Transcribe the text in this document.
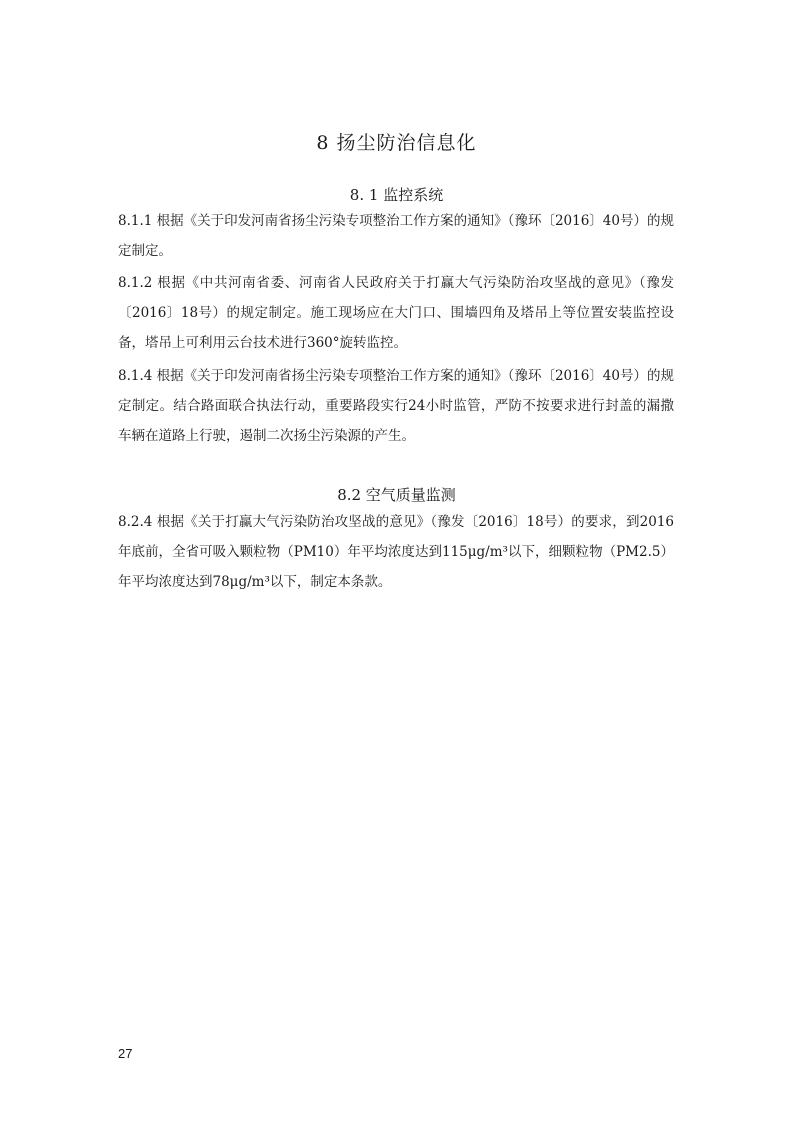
8 扬尘防治信息化
8. 1 监控系统

8.1.1 根据《关于印发河南省扬尘污染专项整治工作方案的通知》（豫环〔2016〕40号）的规定制定。

8.1.2 根据《中共河南省委、河南省人民政府关于打赢大气污染防治攻坚战的意见》（豫发〔2016〕18号）的规定制定。施工现场应在大门口、围墙四角及塔吊上等位置安装监控设备，塔吊上可利用云台技术进行360°旋转监控。

8.1.4 根据《关于印发河南省扬尘污染专项整治工作方案的通知》（豫环〔2016〕40号）的规定制定。结合路面联合执法行动，重要路段实行24小时监管，严防不按要求进行封盖的漏撒车辆在道路上行驶，遏制二次扬尘污染源的产生。

8.2 空气质量监测

8.2.4 根据《关于打赢大气污染防治攻坚战的意见》（豫发〔2016〕18号）的要求，到2016年底前，全省可吸入颗粒物（PM10）年平均浓度达到115μg/m³以下，细颗粒物（PM2.5）年平均浓度达到78μg/m³以下，制定本条款。

27
